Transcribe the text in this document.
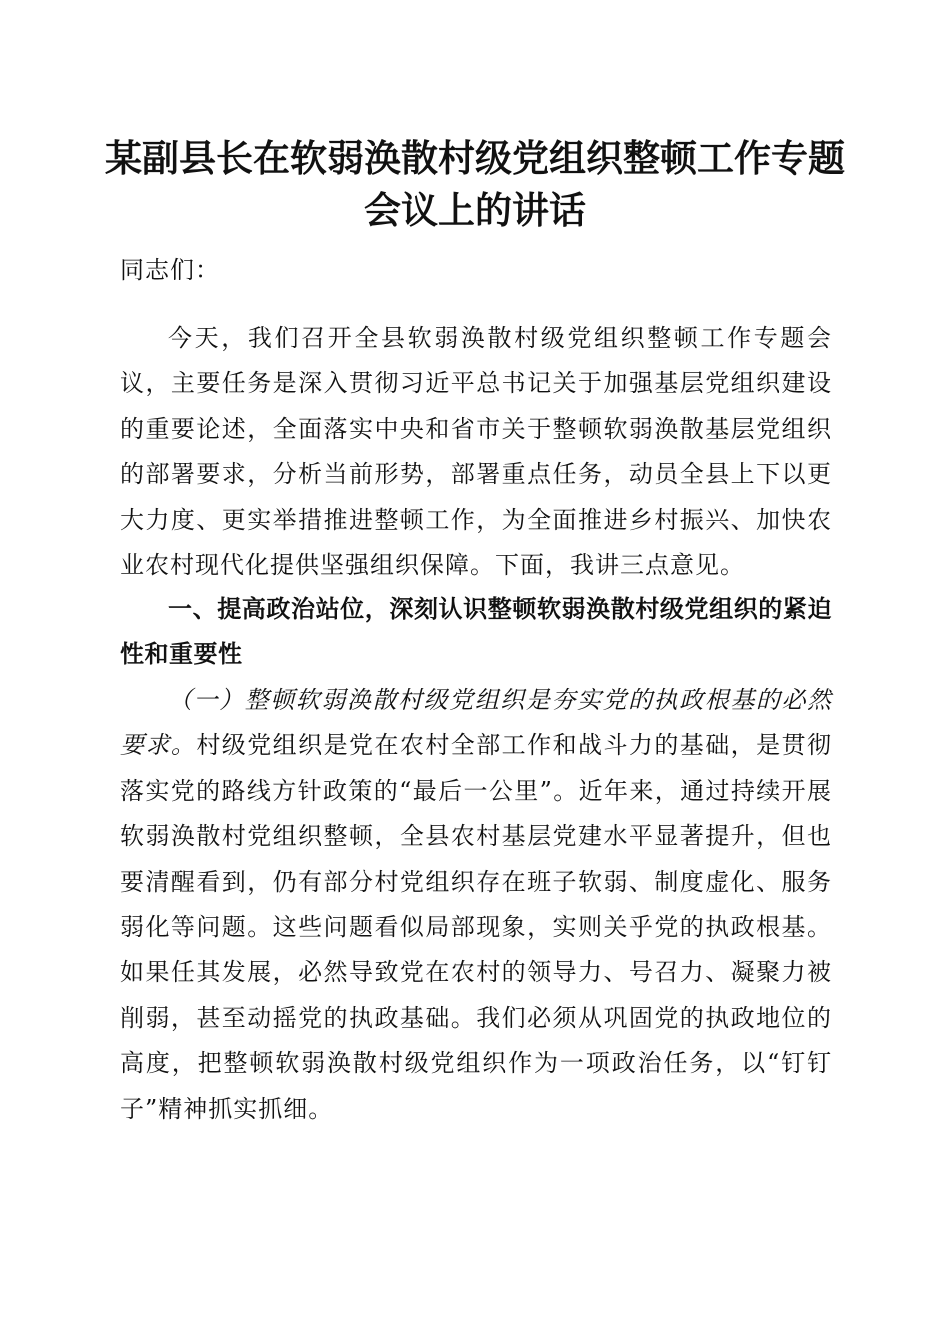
某副县长在软弱涣散村级党组织整顿工作专题
会议上的讲话
同志们：
今天，我们召开全县软弱涣散村级党组织整顿工作专题会议，主要任务是深入贯彻习近平总书记关于加强基层党组织建设的重要论述，全面落实中央和省市关于整顿软弱涣散基层党组织的部署要求，分析当前形势，部署重点任务，动员全县上下以更大力度、更实举措推进整顿工作，为全面推进乡村振兴、加快农业农村现代化提供坚强组织保障。下面，我讲三点意见。
一、提高政治站位，深刻认识整顿软弱涣散村级党组织的紧迫性和重要性
（一）整顿软弱涣散村级党组织是夯实党的执政根基的必然要求。村级党组织是党在农村全部工作和战斗力的基础，是贯彻落实党的路线方针政策的“最后一公里”。近年来，通过持续开展软弱涣散村党组织整顿，全县农村基层党建水平显著提升，但也要清醒看到，仍有部分村党组织存在班子软弱、制度虚化、服务弱化等问题。这些问题看似局部现象，实则关乎党的执政根基。如果任其发展，必然导致党在农村的领导力、号召力、凝聚力被削弱，甚至动摇党的执政基础。我们必须从巩固党的执政地位的高度，把整顿软弱涣散村级党组织作为一项政治任务，以“钉钉子”精神抓实抓细。
